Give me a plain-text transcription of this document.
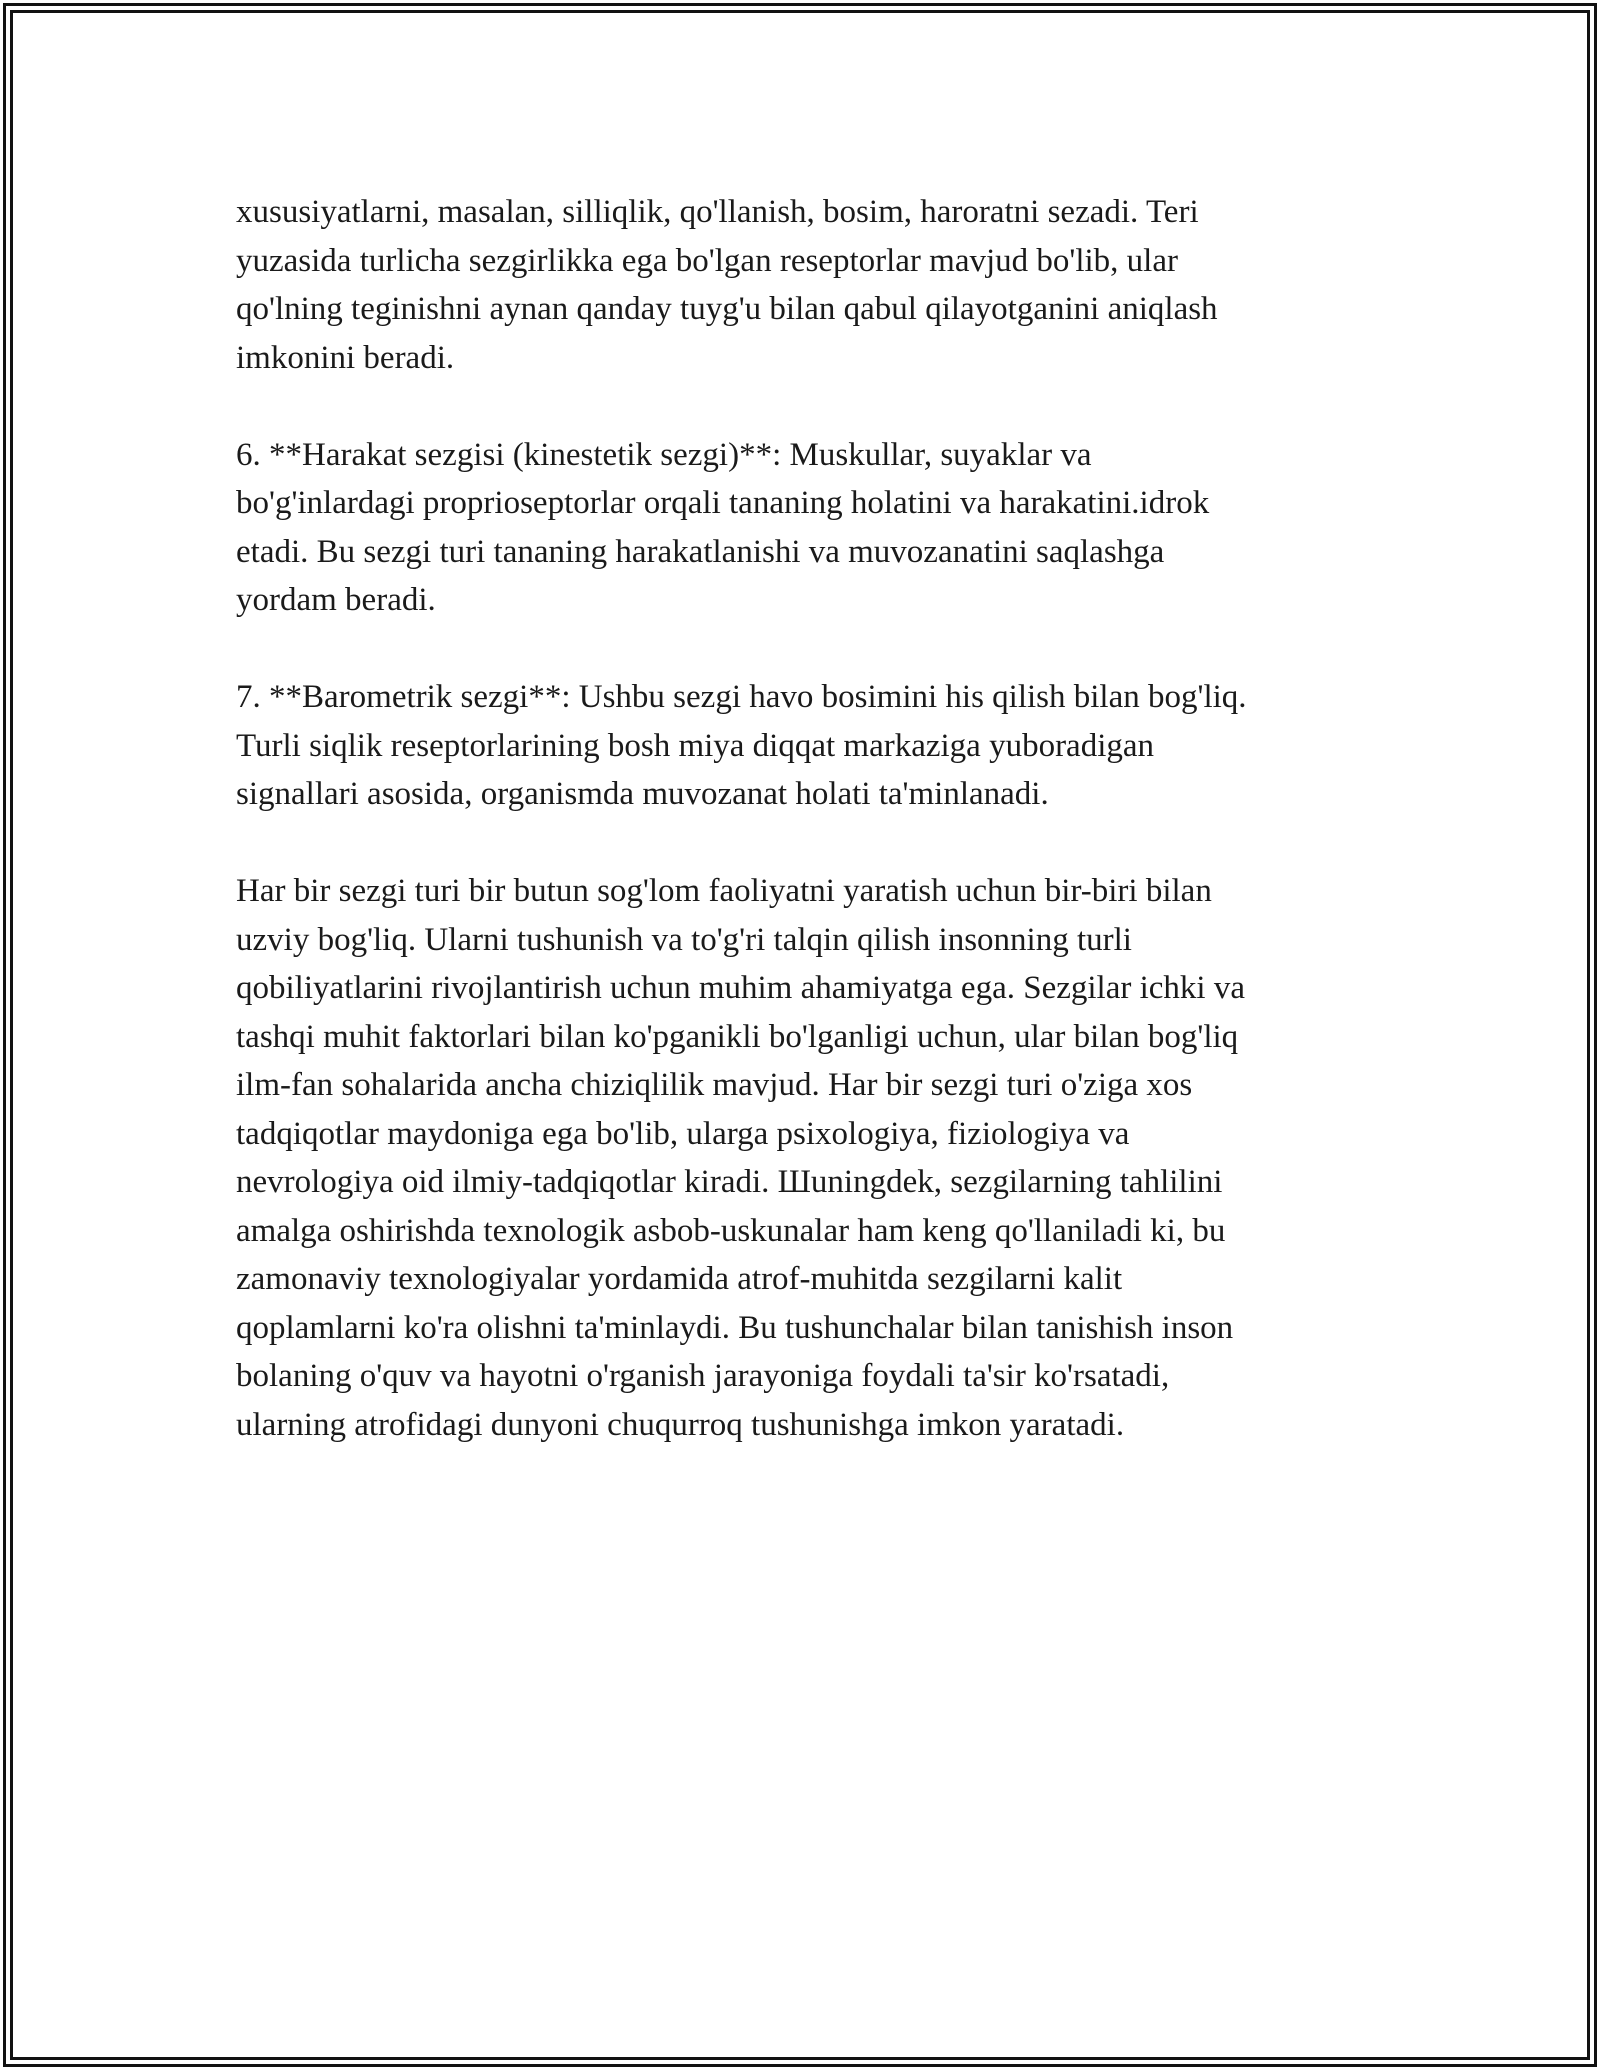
xususiyatlarni, masalan, silliqlik, qo'llanish, bosim, haroratni sezadi. Teri
yuzasida turlicha sezgirlikka ega bo'lgan reseptorlar mavjud bo'lib, ular
qo'lning teginishni aynan qanday tuyg'u bilan qabul qilayotganini aniqlash
imkonini beradi.

6. **Harakat sezgisi (kinestetik sezgi)**: Muskullar, suyaklar va
bo'g'inlardagi proprioseptorlar orqali tananing holatini va harakatini.idrok
etadi. Bu sezgi turi tananing harakatlanishi va muvozanatini saqlashga
yordam beradi.

7. **Barometrik sezgi**: Ushbu sezgi havo bosimini his qilish bilan bog'liq.
Turli siqlik reseptorlarining bosh miya diqqat markaziga yuboradigan
signallari asosida, organismda muvozanat holati ta'minlanadi.

Har bir sezgi turi bir butun sog'lom faoliyatni yaratish uchun bir-biri bilan
uzviy bog'liq. Ularni tushunish va to'g'ri talqin qilish insonning turli
qobiliyatlarini rivojlantirish uchun muhim ahamiyatga ega. Sezgilar ichki va
tashqi muhit faktorlari bilan ko'pganikli bo'lganligi uchun, ular bilan bog'liq
ilm-fan sohalarida ancha chiziqlilik mavjud. Har bir sezgi turi o'ziga xos
tadqiqotlar maydoniga ega bo'lib, ularga psixologiya, fiziologiya va
nevrologiya oid ilmiy-tadqiqotlar kiradi. Шuningdek, sezgilarning tahlilini
amalga oshirishda texnologik asbob-uskunalar ham keng qo'llaniladi ki, bu
zamonaviy texnologiyalar yordamida atrof-muhitda sezgilarni kalit
qoplamlarni ko'ra olishni ta'minlaydi. Bu tushunchalar bilan tanishish inson
bolaning o'quv va hayotni o'rganish jarayoniga foydali ta'sir ko'rsatadi,
ularning atrofidagi dunyoni chuqurroq tushunishga imkon yaratadi.
